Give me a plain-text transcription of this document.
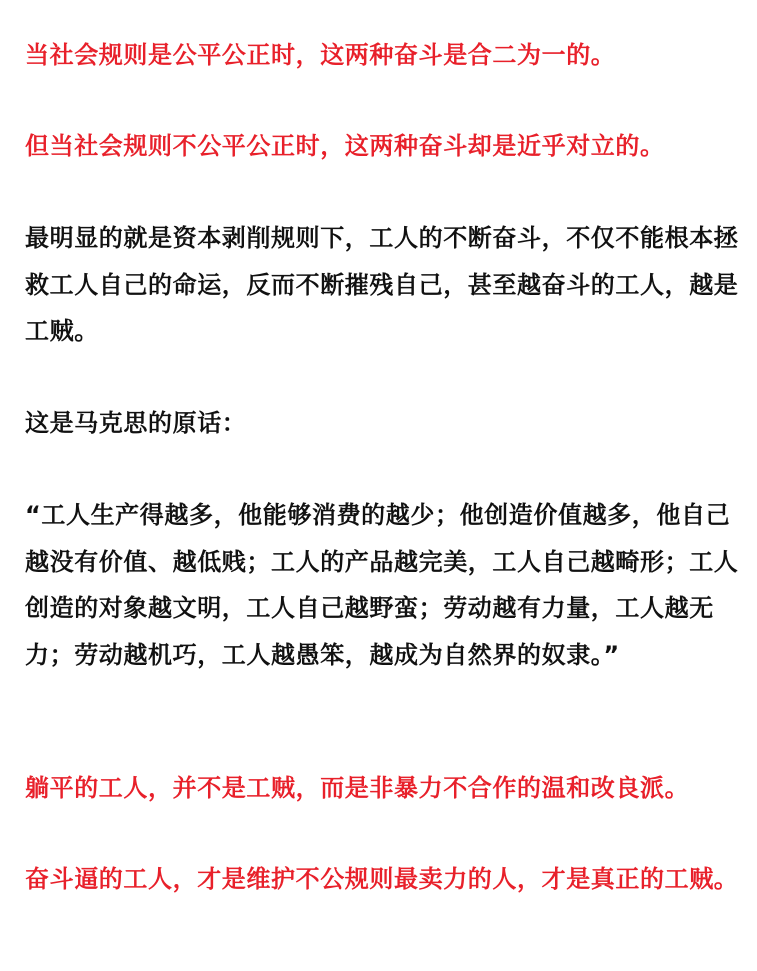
当社会规则是公平公正时，这两种奋斗是合二为一的。

但当社会规则不公平公正时，这两种奋斗却是近乎对立的。

最明显的就是资本剥削规则下，工人的不断奋斗，不仅不能根本拯救工人自己的命运，反而不断摧残自己，甚至越奋斗的工人，越是工贼。

这是马克思的原话：

“工人生产得越多，他能够消费的越少；他创造价值越多，他自己越没有价值、越低贱；工人的产品越完美，工人自己越畸形；工人创造的对象越文明，工人自己越野蛮；劳动越有力量，工人越无力；劳动越机巧，工人越愚笨，越成为自然界的奴隶。”

躺平的工人，并不是工贼，而是非暴力不合作的温和改良派。

奋斗逼的工人，才是维护不公规则最卖力的人，才是真正的工贼。
